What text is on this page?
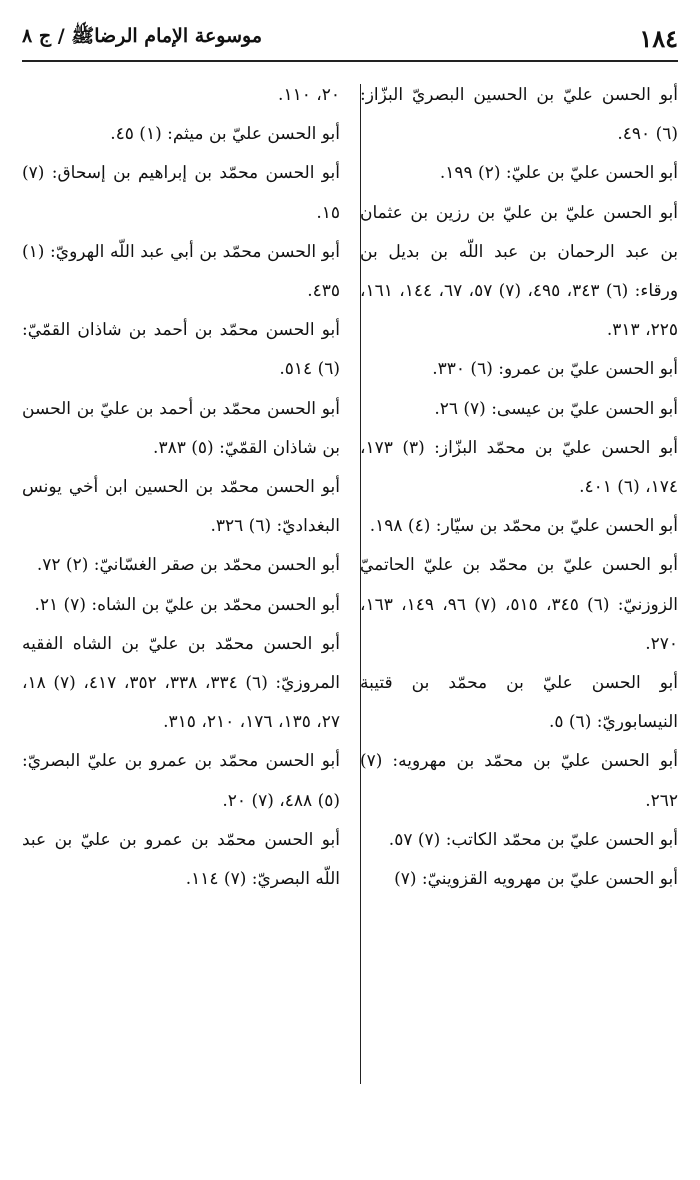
١٨٤
موسوعة الإمام الرضا‌ﷺ / ج ٨

أبو الحسن عليّ بن الحسين البصريّ البزّاز: (٦) ٤٩٠.

أبو الحسن عليّ بن عليّ: (٢) ١٩٩.

أبو الحسن عليّ بن عليّ بن رزين بن عثمان بن عبد الرحمان بن عبد اللّه بن بديل بن ورقاء: (٦) ٣٤٣، ٤٩٥، (٧) ٥٧، ٦٧، ١٤٤، ١٦١، ٢٢٥، ٣١٣.

أبو الحسن عليّ بن عمرو: (٦) ٣٣٠.

أبو الحسن عليّ بن عيسى: (٧) ٢٦.

أبو الحسن عليّ بن محمّد البزّاز: (٣) ١٧٣، ١٧٤، (٦) ٤٠١.

أبو الحسن عليّ بن محمّد بن سيّار: (٤) ١٩٨.

أبو الحسن عليّ بن محمّد بن عليّ الحاتميّ الزوزنيّ: (٦) ٣٤٥، ٥١٥، (٧) ٩٦، ١٤٩، ١٦٣، ٢٧٠.

أبو الحسن عليّ بن محمّد بن قتيبة النيسابوريّ: (٦) ٥.

أبو الحسن عليّ بن محمّد بن مهرويه: (٧) ٢٦٢.

أبو الحسن عليّ بن محمّد الكاتب: (٧) ٥٧.

أبو الحسن عليّ بن مهرويه القزوينيّ: (٧)

٢٠، ١١٠.

أبو الحسن عليّ بن ميثم: (١) ٤٥.

أبو الحسن محمّد بن إبراهيم بن إسحاق: (٧) ١٥.

أبو الحسن محمّد بن أبي عبد اللّه الهرويّ: (١) ٤٣٥.

أبو الحسن محمّد بن أحمد بن شاذان القمّيّ: (٦) ٥١٤.

أبو الحسن محمّد بن أحمد بن عليّ بن الحسن بن شاذان القمّيّ: (٥) ٣٨٣.

أبو الحسن محمّد بن الحسين ابن أخي يونس البغداديّ: (٦) ٣٢٦.

أبو الحسن محمّد بن صقر الغسّانيّ: (٢) ٧٢.

أبو الحسن محمّد بن عليّ بن الشاه: (٧) ٢١.

أبو الحسن محمّد بن عليّ بن الشاه الفقيه المروزيّ: (٦) ٣٣٤، ٣٣٨، ٣٥٢، ٤١٧، (٧) ١٨، ٢٧، ١٣٥، ١٧٦، ٢١٠، ٣١٥.

أبو الحسن محمّد بن عمرو بن عليّ البصريّ: (٥) ٤٨٨، (٧) ٢٠.

أبو الحسن محمّد بن عمرو بن عليّ بن عبد اللّه البصريّ: (٧) ١١٤.
